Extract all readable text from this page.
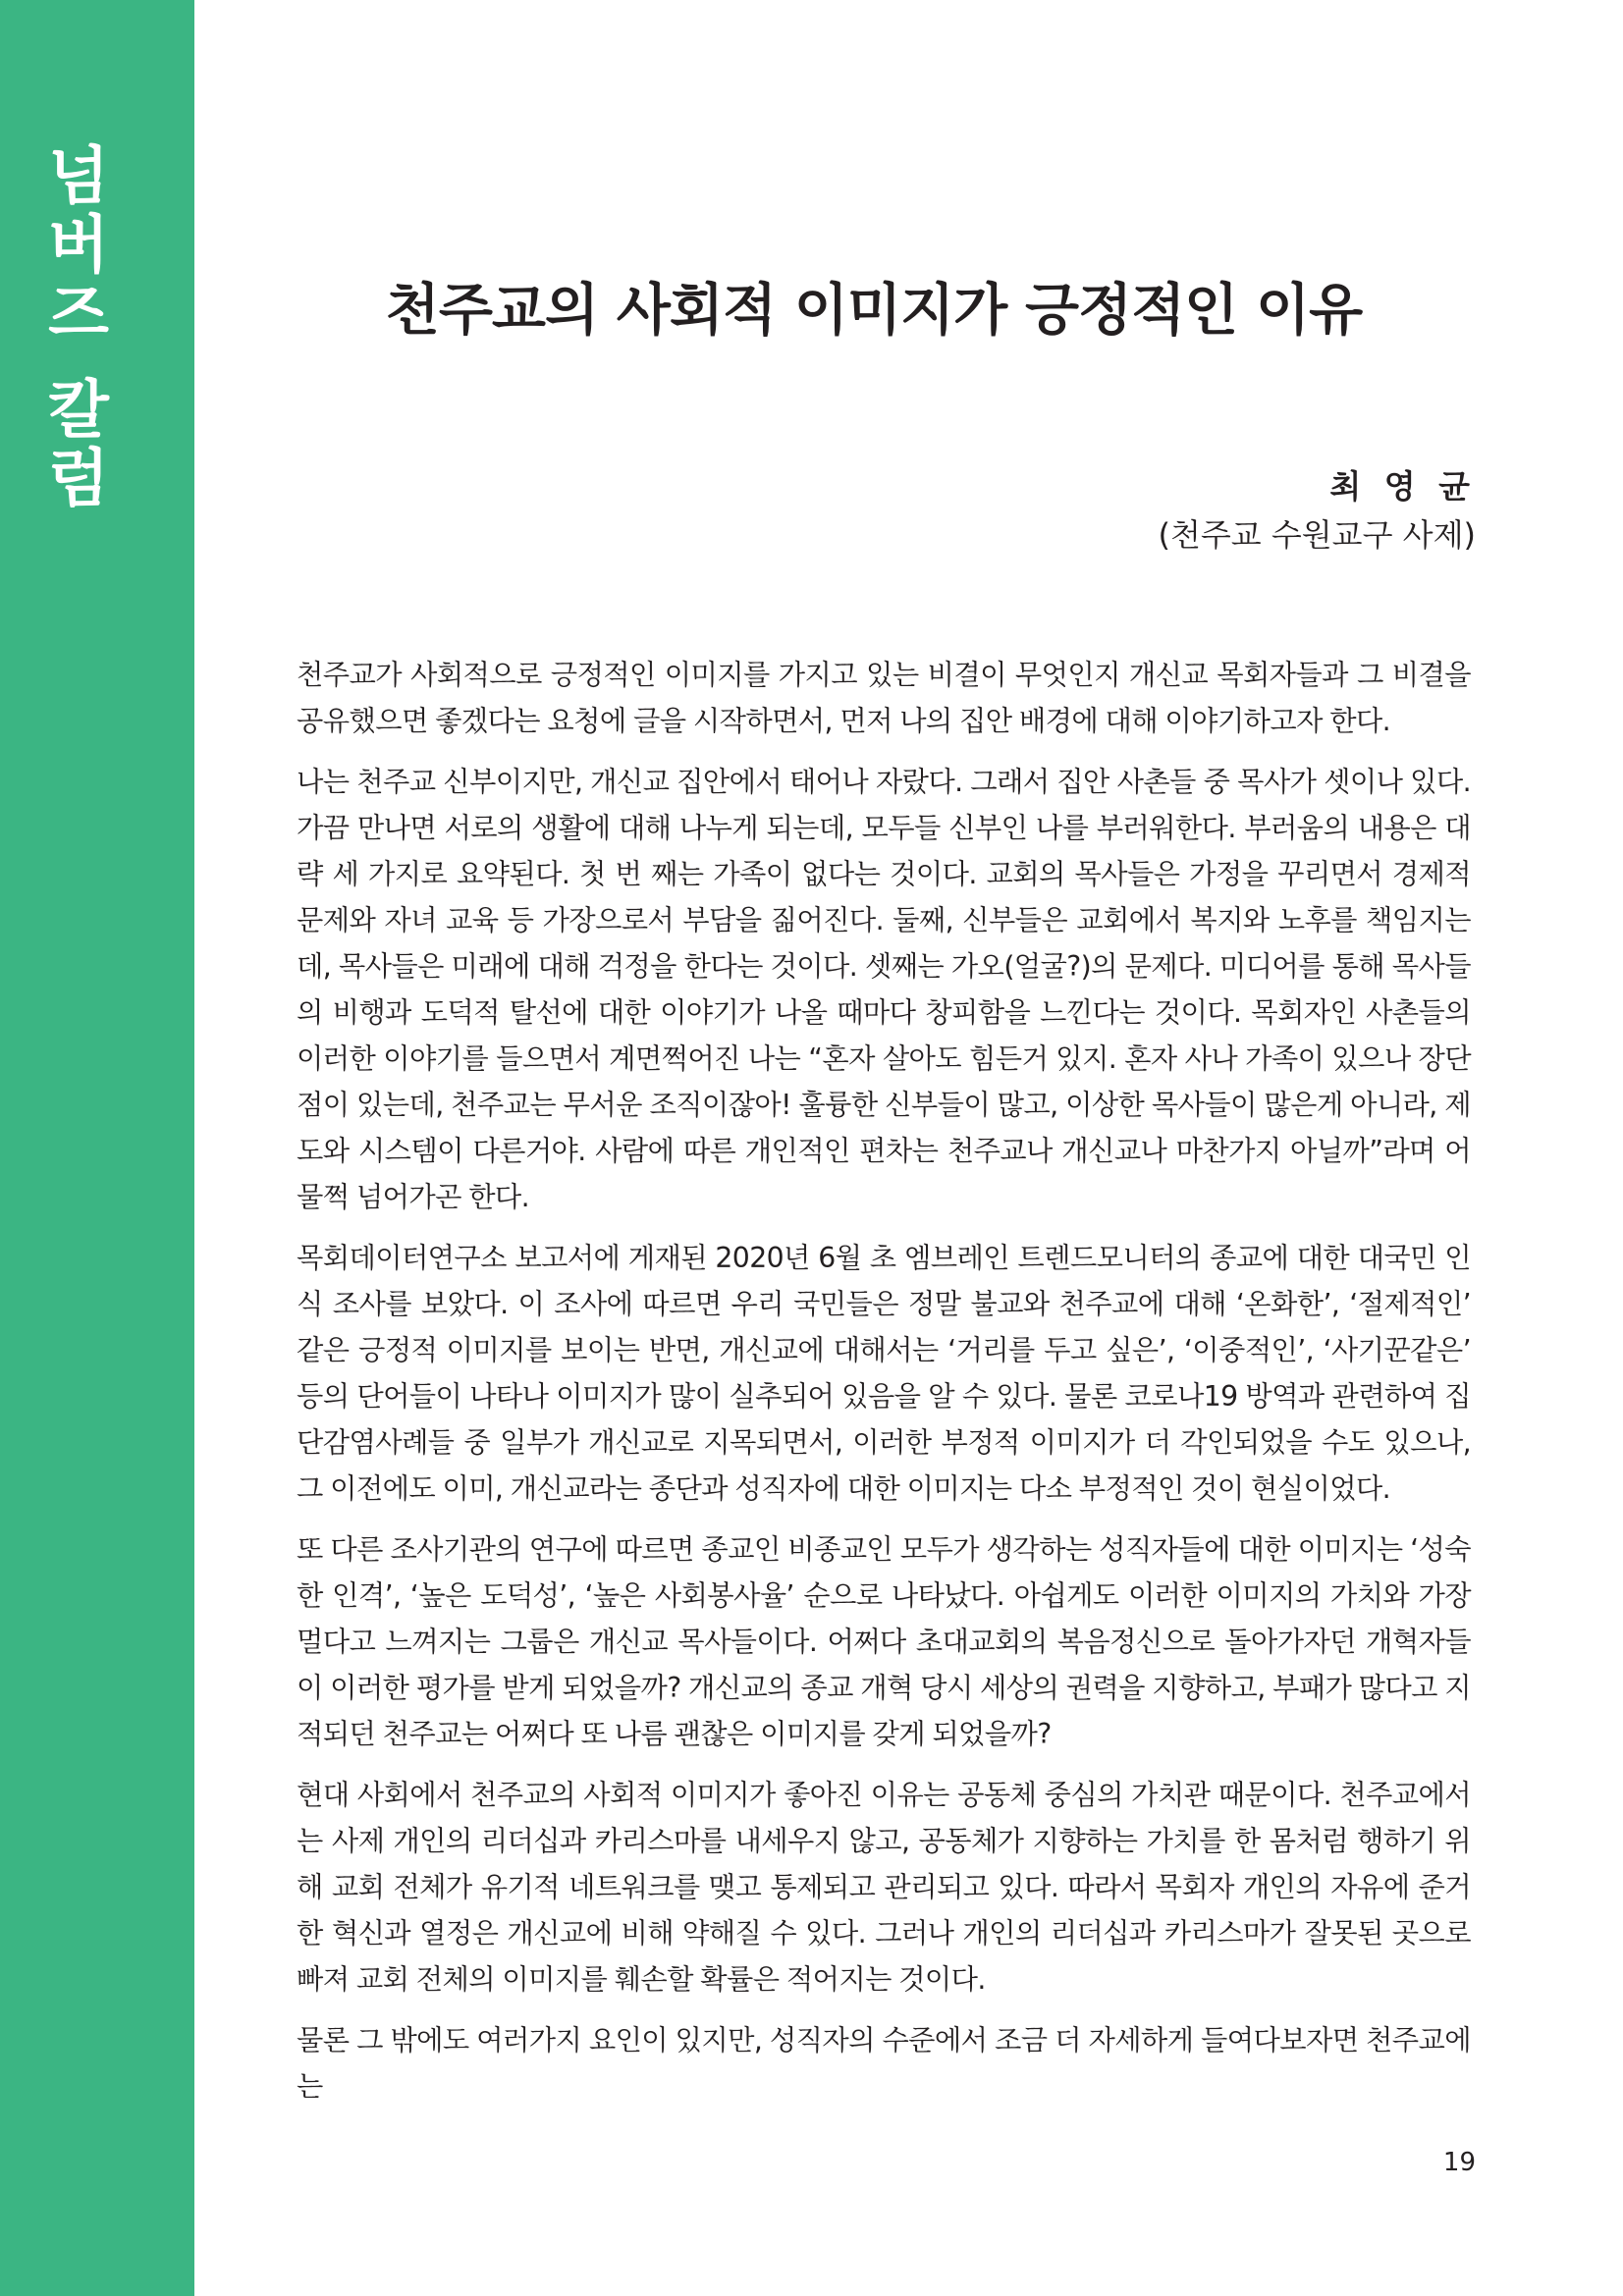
넘버즈 칼럼	천주교의 사회적 이미지가 긍정적인 이유
최 영 균
(천주교 수원교구 사제)

천주교가 사회적으로 긍정적인 이미지를 가지고 있는 비결이 무엇인지 개신교 목회자들과 그 비결을 공유했으면 좋겠다는 요청에 글을 시작하면서, 먼저 나의 집안 배경에 대해 이야기하고자 한다.

나는 천주교 신부이지만, 개신교 집안에서 태어나 자랐다. 그래서 집안 사촌들 중 목사가 셋이나 있다. 가끔 만나면 서로의 생활에 대해 나누게 되는데, 모두들 신부인 나를 부러워한다. 부러움의 내용은 대략 세 가지로 요약된다. 첫 번 째는 가족이 없다는 것이다. 교회의 목사들은 가정을 꾸리면서 경제적 문제와 자녀 교육 등 가장으로서 부담을 짊어진다. 둘째, 신부들은 교회에서 복지와 노후를 책임지는데, 목사들은 미래에 대해 걱정을 한다는 것이다. 셋째는 가오(얼굴?)의 문제다. 미디어를 통해 목사들의 비행과 도덕적 탈선에 대한 이야기가 나올 때마다 창피함을 느낀다는 것이다. 목회자인 사촌들의 이러한 이야기를 들으면서 계면쩍어진 나는 “혼자 살아도 힘든거 있지. 혼자 사나 가족이 있으나 장단점이 있는데, 천주교는 무서운 조직이잖아! 훌륭한 신부들이 많고, 이상한 목사들이 많은게 아니라, 제도와 시스템이 다른거야. 사람에 따른 개인적인 편차는 천주교나 개신교나 마찬가지 아닐까”라며 어물쩍 넘어가곤 한다.

목회데이터연구소 보고서에 게재된 2020년 6월 초 엠브레인 트렌드모니터의 종교에 대한 대국민 인식 조사를 보았다. 이 조사에 따르면 우리 국민들은 정말 불교와 천주교에 대해 ‘온화한’, ‘절제적인’ 같은 긍정적 이미지를 보이는 반면, 개신교에 대해서는 ‘거리를 두고 싶은’, ‘이중적인’, ‘사기꾼같은’ 등의 단어들이 나타나 이미지가 많이 실추되어 있음을 알 수 있다. 물론 코로나19 방역과 관련하여 집단감염사례들 중 일부가 개신교로 지목되면서, 이러한 부정적 이미지가 더 각인되었을 수도 있으나, 그 이전에도 이미, 개신교라는 종단과 성직자에 대한 이미지는 다소 부정적인 것이 현실이었다.

또 다른 조사기관의 연구에 따르면 종교인 비종교인 모두가 생각하는 성직자들에 대한 이미지는 ‘성숙한 인격’, ‘높은 도덕성’, ‘높은 사회봉사율’ 순으로 나타났다. 아쉽게도 이러한 이미지의 가치와 가장 멀다고 느껴지는 그룹은 개신교 목사들이다. 어쩌다 초대교회의 복음정신으로 돌아가자던 개혁자들이 이러한 평가를 받게 되었을까? 개신교의 종교 개혁 당시 세상의 권력을 지향하고, 부패가 많다고 지적되던 천주교는 어쩌다 또 나름 괜찮은 이미지를 갖게 되었을까?

현대 사회에서 천주교의 사회적 이미지가 좋아진 이유는 공동체 중심의 가치관 때문이다. 천주교에서는 사제 개인의 리더십과 카리스마를 내세우지 않고, 공동체가 지향하는 가치를 한 몸처럼 행하기 위해 교회 전체가 유기적 네트워크를 맺고 통제되고 관리되고 있다. 따라서 목회자 개인의 자유에 준거한 혁신과 열정은 개신교에 비해 약해질 수 있다. 그러나 개인의 리더십과 카리스마가 잘못된 곳으로 빠져 교회 전체의 이미지를 훼손할 확률은 적어지는 것이다.

물론 그 밖에도 여러가지 요인이 있지만, 성직자의 수준에서 조금 더 자세하게 들여다보자면 천주교에는

19
